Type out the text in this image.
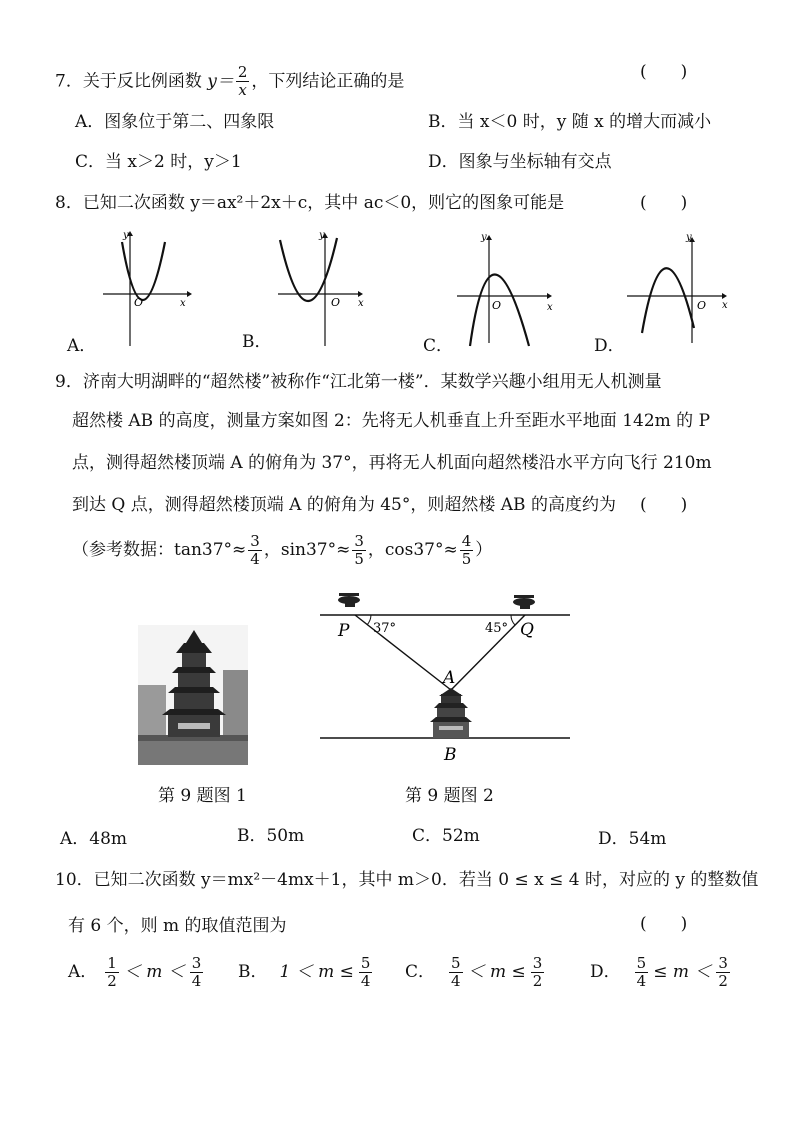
7．关于反比例函数 $y= \frac{2}{x}$ ，下列结论正确的是	(　　)
A．图象位于第二、四象限	B．当 x＜0 时，y 随 x 的增大而减小
C．当 x＞2 时，y＞1	D．图象与坐标轴有交点
8．已知二次函数 y＝ax²＋2x＋c，其中 ac＜0，则它的图象可能是	(　　)
y
x
O
y
x
O
y
x
O
y
x
O
A．	B．	C．	D．
9．济南大明湖畔的“超然楼”被称作“江北第一楼”．某数学兴趣小组用无人机测量
超然楼 AB 的高度，测量方案如图 2：先将无人机垂直上升至距水平地面 142m 的 P
点，测得超然楼顶端 A 的俯角为 37°，再将无人机面向超然楼沿水平方向飞行 210m
到达 Q 点，测得超然楼顶端 A 的俯角为 45°，则超然楼 AB 的高度约为 (　　)
（参考数据：$\tan 37^\circ\approx \frac{3}{4}$ ，$\sin 37^\circ\approx \frac{3}{5}$ ，$\cos 37^\circ\approx \frac{4}{5}$ ）
P	Q
A
B
37°	45°
第 9 题图 1	第 9 题图 2
A．48m	B．50m	C．52m	D．54m
10．已知二次函数 y＝mx²－4mx＋1，其中 m＞0．若当 0 ≤ x ≤ 4 时，对应的 y 的整数值
有 6 个，则 m 的取值范围为	(　　)
A． $\frac{1}{2} < m < \frac{3}{4}$ B． $1 < m \le \frac{5}{4}$ C． $\frac{5}{4} < m \le \frac{3}{2}$	D． $\frac{5}{4} \le m < \frac{3}{2}$
